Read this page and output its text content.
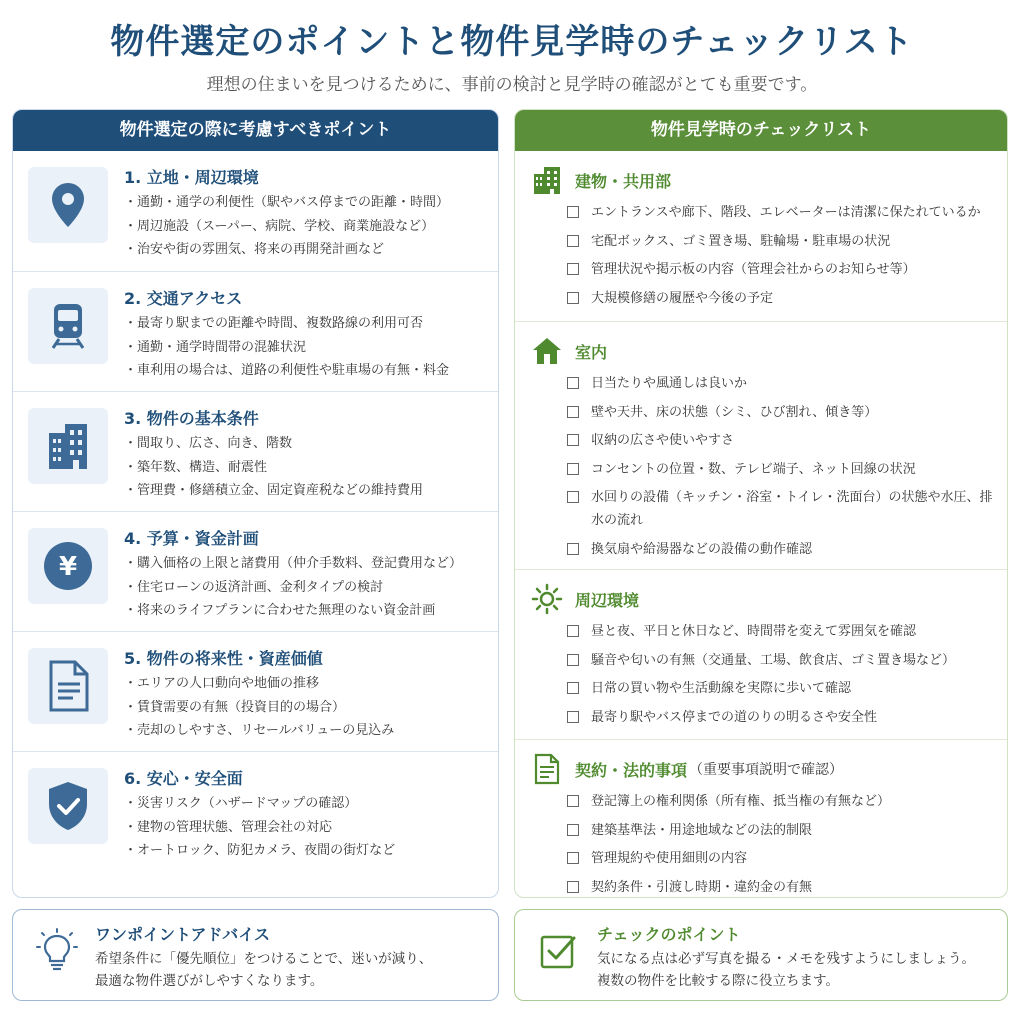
物件選定のポイントと物件見学時のチェックリスト
理想の住まいを見つけるために、事前の検討と見学時の確認がとても重要です。
物件選定の際に考慮すべきポイント
1. 立地・周辺環境
・通勤・通学の利便性（駅やバス停までの距離・時間）
・周辺施設（スーパー、病院、学校、商業施設など）
・治安や街の雰囲気、将来の再開発計画など
2. 交通アクセス
・最寄り駅までの距離や時間、複数路線の利用可否
・通勤・通学時間帯の混雑状況
・車利用の場合は、道路の利便性や駐車場の有無・料金
3. 物件の基本条件
・間取り、広さ、向き、階数
・築年数、構造、耐震性
・管理費・修繕積立金、固定資産税などの維持費用
¥
4. 予算・資金計画
・購入価格の上限と諸費用（仲介手数料、登記費用など）
・住宅ローンの返済計画、金利タイプの検討
・将来のライフプランに合わせた無理のない資金計画
5. 物件の将来性・資産価値
・エリアの人口動向や地価の推移
・賃貸需要の有無（投資目的の場合）
・売却のしやすさ、リセールバリューの見込み
6. 安心・安全面
・災害リスク（ハザードマップの確認）
・建物の管理状態、管理会社の対応
・オートロック、防犯カメラ、夜間の街灯など
物件見学時のチェックリスト
建物・共用部
エントランスや廊下、階段、エレベーターは清潔に保たれているか
宅配ボックス、ゴミ置き場、駐輪場・駐車場の状況
管理状況や掲示板の内容（管理会社からのお知らせ等）
大規模修繕の履歴や今後の予定
室内
日当たりや風通しは良いか
壁や天井、床の状態（シミ、ひび割れ、傾き等）
収納の広さや使いやすさ
コンセントの位置・数、テレビ端子、ネット回線の状況
水回りの設備（キッチン・浴室・トイレ・洗面台）の状態や水圧、排水の流れ
換気扇や給湯器などの設備の動作確認
周辺環境
昼と夜、平日と休日など、時間帯を変えて雰囲気を確認
騒音や匂いの有無（交通量、工場、飲食店、ゴミ置き場など）
日常の買い物や生活動線を実際に歩いて確認
最寄り駅やバス停までの道のりの明るさや安全性
契約・法的事項 （重要事項説明で確認）
登記簿上の権利関係（所有権、抵当権の有無など）
建築基準法・用途地域などの法的制限
管理規約や使用細則の内容
契約条件・引渡し時期・違約金の有無
ワンポイントアドバイス
希望条件に「優先順位」をつけることで、迷いが減り、
最適な物件選びがしやすくなります。
チェックのポイント
気になる点は必ず写真を撮る・メモを残すようにしましょう。
複数の物件を比較する際に役立ちます。
